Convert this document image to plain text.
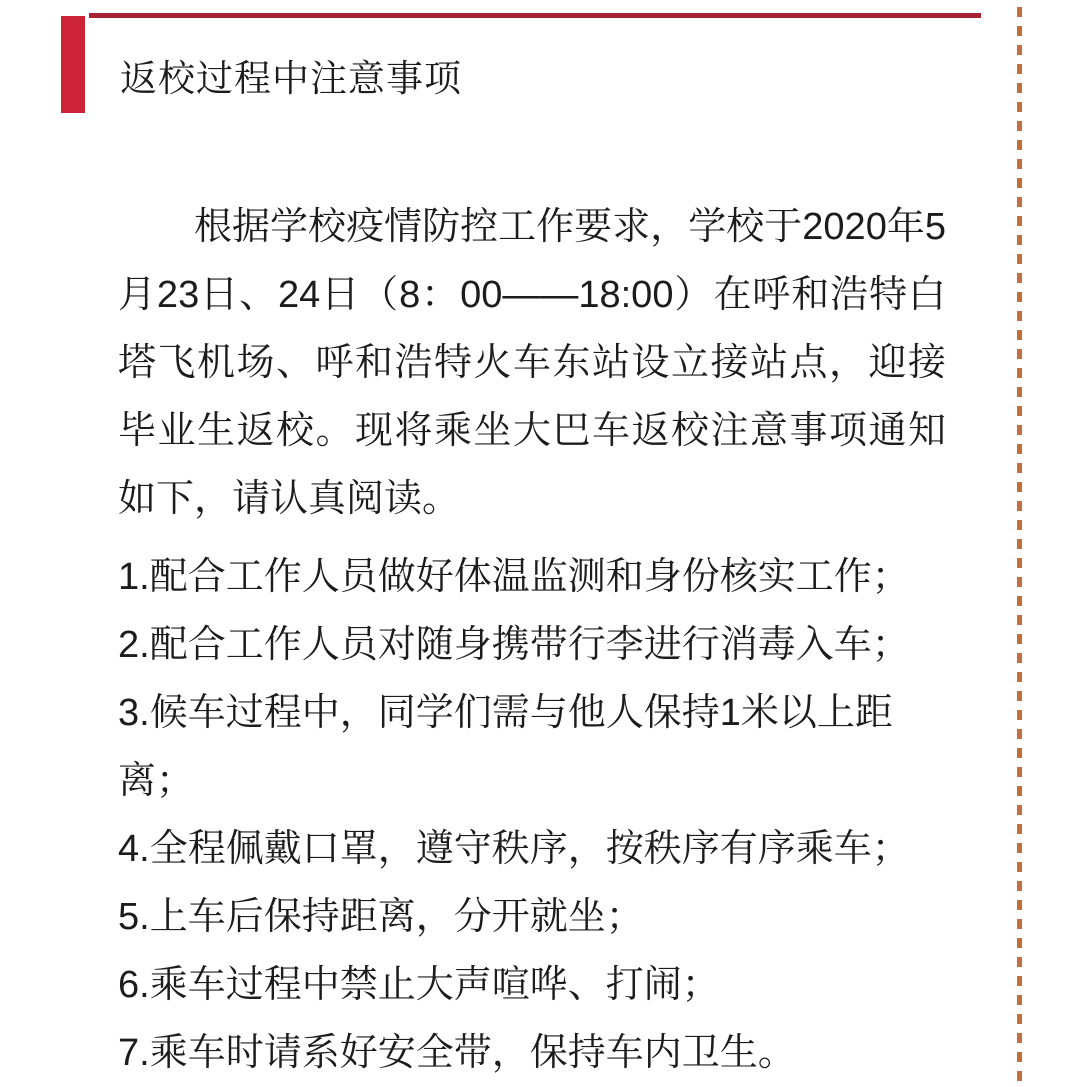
返校过程中注意事项

根据学校疫情防控工作要求，学校于2020年5月23日、24日（8：00——18:00）在呼和浩特白塔飞机场、呼和浩特火车东站设立接站点，迎接毕业生返校。现将乘坐大巴车返校注意事项通知如下，请认真阅读。

1.配合工作人员做好体温监测和身份核实工作；

2.配合工作人员对随身携带行李进行消毒入车；

3.候车过程中，同学们需与他人保持1米以上距离；

4.全程佩戴口罩，遵守秩序，按秩序有序乘车；

5.上车后保持距离，分开就坐；

6.乘车过程中禁止大声喧哗、打闹；

7.乘车时请系好安全带，保持车内卫生。
